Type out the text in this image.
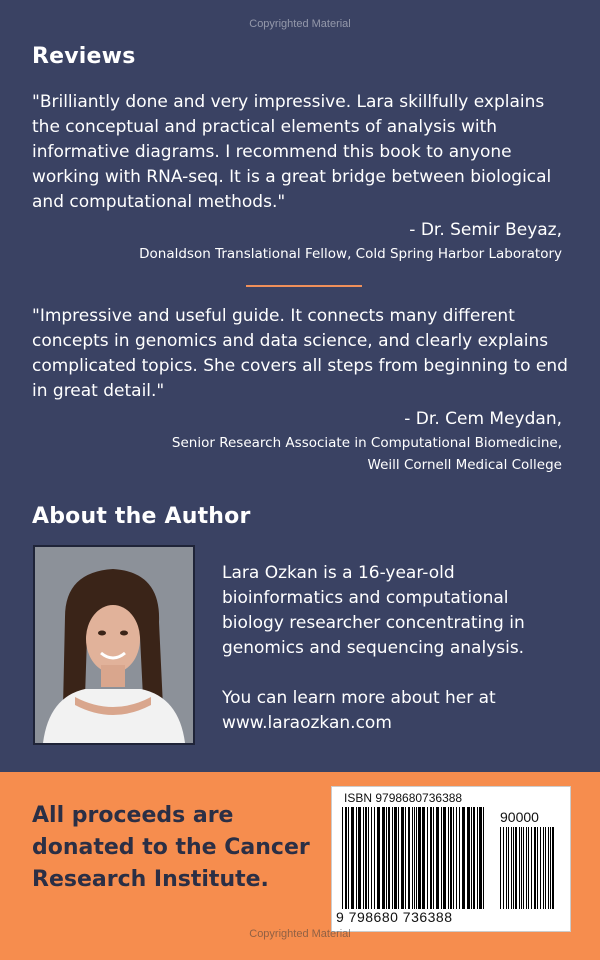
Copyrighted Material
Reviews
"Brilliantly done and very impressive. Lara skillfully explains the conceptual and practical elements of analysis with informative diagrams. I recommend this book to anyone working with RNA-seq. It is a great bridge between biological and computational methods."
- Dr. Semir Beyaz,
Donaldson Translational Fellow, Cold Spring Harbor Laboratory
"Impressive and useful guide. It connects many different concepts in genomics and data science, and clearly explains complicated topics. She covers all steps from beginning to end in great detail."
- Dr. Cem Meydan,
Senior Research Associate in Computational Biomedicine,
Weill Cornell Medical College
About the Author
Lara Ozkan is a 16-year-old bioinformatics and computational biology researcher concentrating in genomics and sequencing analysis.
You can learn more about her at www.laraozkan.com
All proceeds are donated to the Cancer Research Institute.
ISBN 9798680736388
90000
9 798680 736388
Copyrighted Material
